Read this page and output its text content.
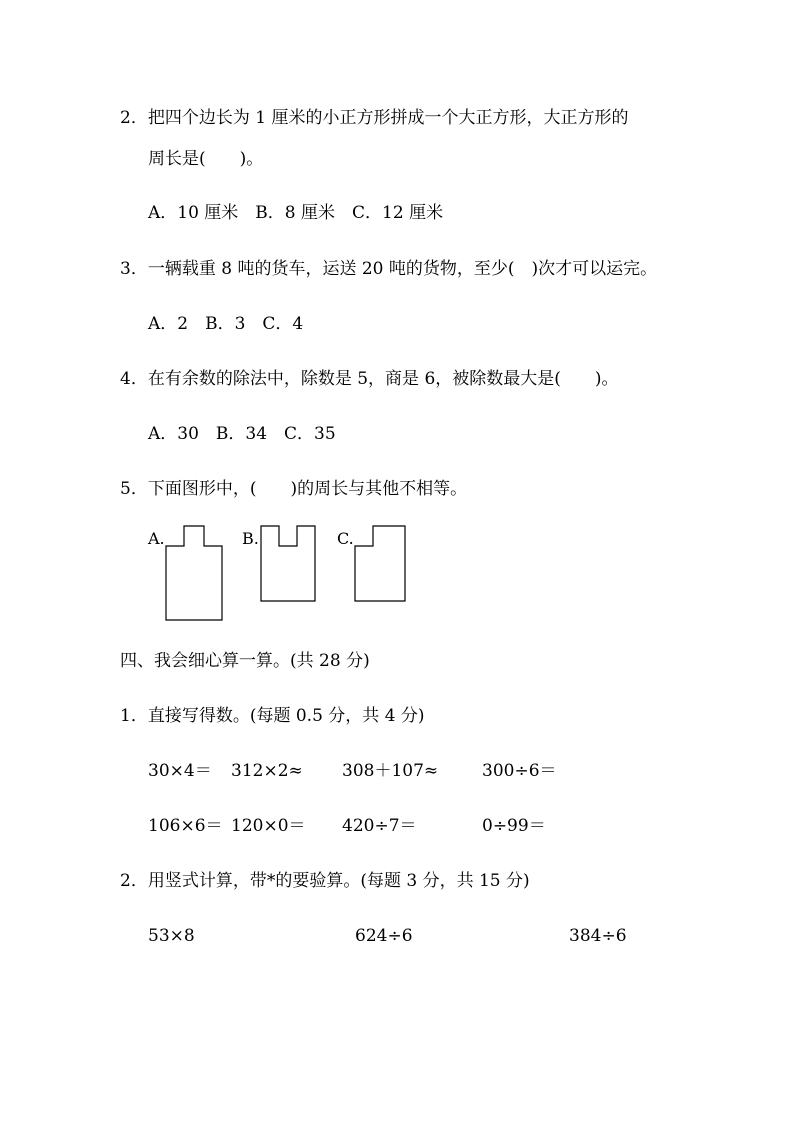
2．把四个边长为 1 厘米的小正方形拼成一个大正方形，大正方形的
周长是(　　)。
A．10 厘米　B．8 厘米　C．12 厘米
3．一辆载重 8 吨的货车，运送 20 吨的货物，至少(　)次才可以运完。
A．2　B．3　C．4
4．在有余数的除法中，除数是 5，商是 6，被除数最大是(　　)。
A．30　B．34　C．35
5．下面图形中，(　　)的周长与其他不相等。
A.	B.	C.
四、我会细心算一算。(共 28 分)
1．直接写得数。(每题 0.5 分，共 4 分)
30×4＝ 312×2≈ 308＋107≈	300÷6＝
106×6＝ 120×0＝ 420÷7＝	0÷99＝
2．用竖式计算，带*的要验算。(每题 3 分，共 15 分)
53×8	624÷6	384÷6
